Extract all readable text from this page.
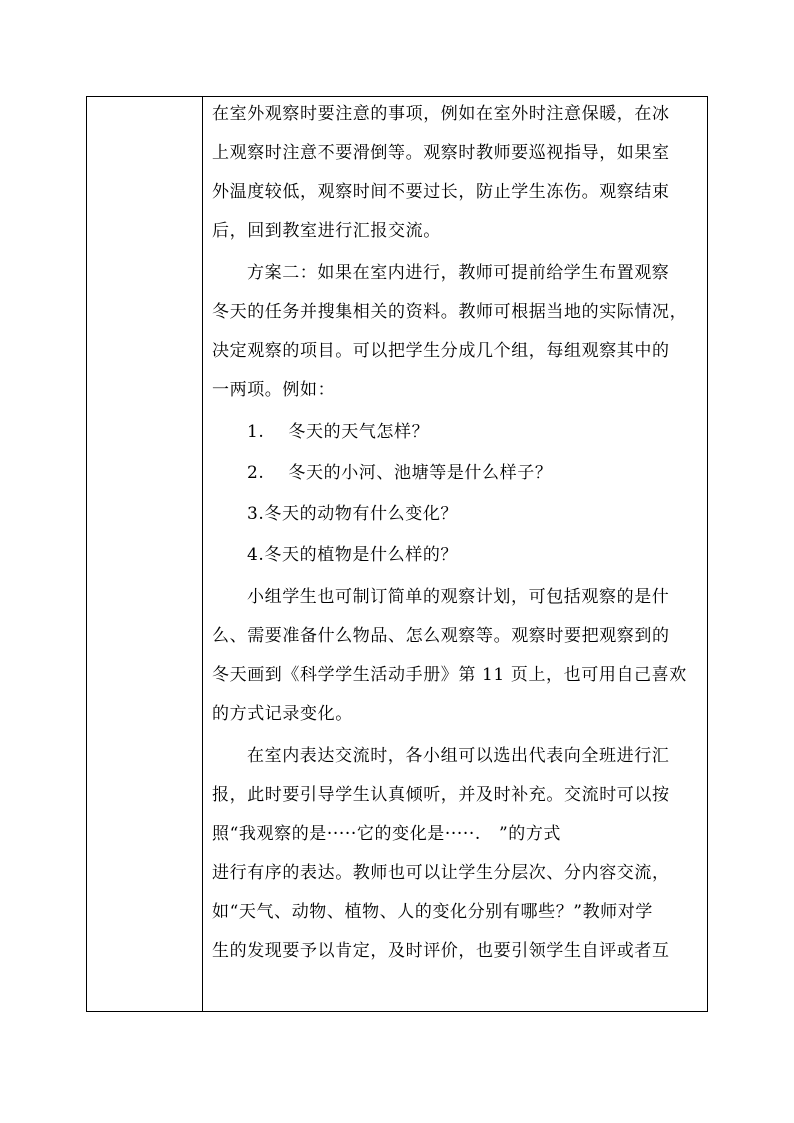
在室外观察时要注意的事项，例如在室外时注意保暖，在冰
上观察时注意不要滑倒等。观察时教师要巡视指导，如果室
外温度较低，观察时间不要过长，防止学生冻伤。观察结束
后，回到教室进行汇报交流。
方案二：如果在室内进行，教师可提前给学生布置观察
冬天的任务并搜集相关的资料。教师可根据当地的实际情况，
决定观察的项目。可以把学生分成几个组，每组观察其中的
一两项。例如：
1.    冬天的天气怎样？
2.    冬天的小河、池塘等是什么样子？
3.冬天的动物有什么变化？
4.冬天的植物是什么样的？
小组学生也可制订简单的观察计划，可包括观察的是什
么、需要准备什么物品、怎么观察等。观察时要把观察到的
冬天画到《科学学生活动手册》第 11 页上，也可用自己喜欢
的方式记录变化。
在室内表达交流时，各小组可以选出代表向全班进行汇
报，此时要引导学生认真倾听，并及时补充。交流时可以按
照“我观察的是·····它的变化是·····.   ”的方式
进行有序的表达。教师也可以让学生分层次、分内容交流，
如“天气、动物、植物、人的变化分别有哪些？”教师对学
生的发现要予以肯定，及时评价，也要引领学生自评或者互
